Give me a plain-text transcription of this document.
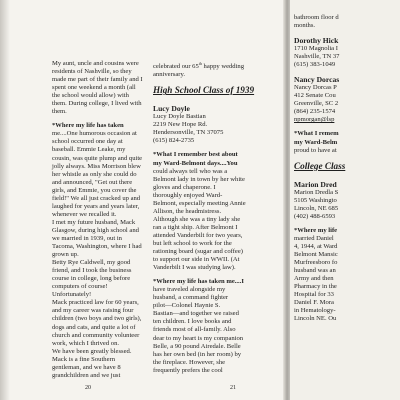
My aunt, uncle and cousins were

residents of Nashville, so they

made me part of their family and I

spent one weekend a month (all

the school would allow) with

them. During college, I lived with

them.

*Where my life has taken

me....One humorous occasion at

school occurred one day at

baseball. Emmie Leake, my

cousin, was quite plump and quite

jolly always. Miss Morrison blew

her whistle as only she could do

and announced, "Get out there

girls, and Emmie, you cover the

field!" We all just cracked up and

laughed for years and years later,

whenever we recalled it.

I met my future husband, Mack

Glasgow, during high school and

we married in 1939, out in

Tacoma, Washington, where I had

grown up.

Betty Rye Caldwell, my good

friend, and I took the business

course in college, long before

computers of course!

Unfortunately!

Mack practiced law for 60 years,

and my career was raising four

children (two boys and two girls),

dogs and cats, and quite a lot of

church and community volunteer

work, which I thrived on.

We have been greatly blessed.

Mack is a fine Southern

gentleman, and we have 8

grandchildren and we just

celebrated our 65th happy wedding

anniversary.

High School Class of 1939

Lucy Doyle

Lucy Doyle Bastian

2219 New Hope Rd.

Hendersonville, TN 37075

(615) 824-2735

*What I remember best about

my Ward-Belmont days....You

could always tell who was a

Belmont lady in town by her white

gloves and chaperone. I

thoroughly enjoyed Ward-

Belmont, especially meeting Annie

Allison, the headmistress.

Although she was a tiny lady she

ran a tight ship. After Belmont I

attended Vanderbilt for two years,

but left school to work for the

rationing board (sugar and coffee)

to support our side in WWII. (At

Vanderbilt I was studying law).

*Where my life has taken me....I

have traveled alongside my

husband, a command fighter

pilot—Colonel Haynie S.

Bastian—and together we raised

ten children. I love books and

friends most of all-family. Also

dear to my heart is my companion

Belle, a 90 pound Airedale. Belle

has her own bed (in her room) by

the fireplace. However, she

frequently prefers the cool

20	21

bathroom floor d

months.

Dorothy Hick

1710 Magnolia I

Nashville, TN 37

(615) 383-1049

Nancy Dorcas

Nancy Dorcas P

412 Senate Cou

Greenville, SC 2

(864) 235-1574

npmorgan@lsp

*What I remem

my Ward-Belm

proud to have at

College Class

Marion Dred

Marion Dredla S

5105 Washingto

Lincoln, NE 685

(402) 488-6593

*Where my life

married Daniel

4, 1944, at Ward

Belmont Mansic

Murfreesboro fo

husband was an

Army and then

Pharmacy in the

Hospital for 33

Daniel F. Mora

in Hematology-

Lincoln NE. Ou
